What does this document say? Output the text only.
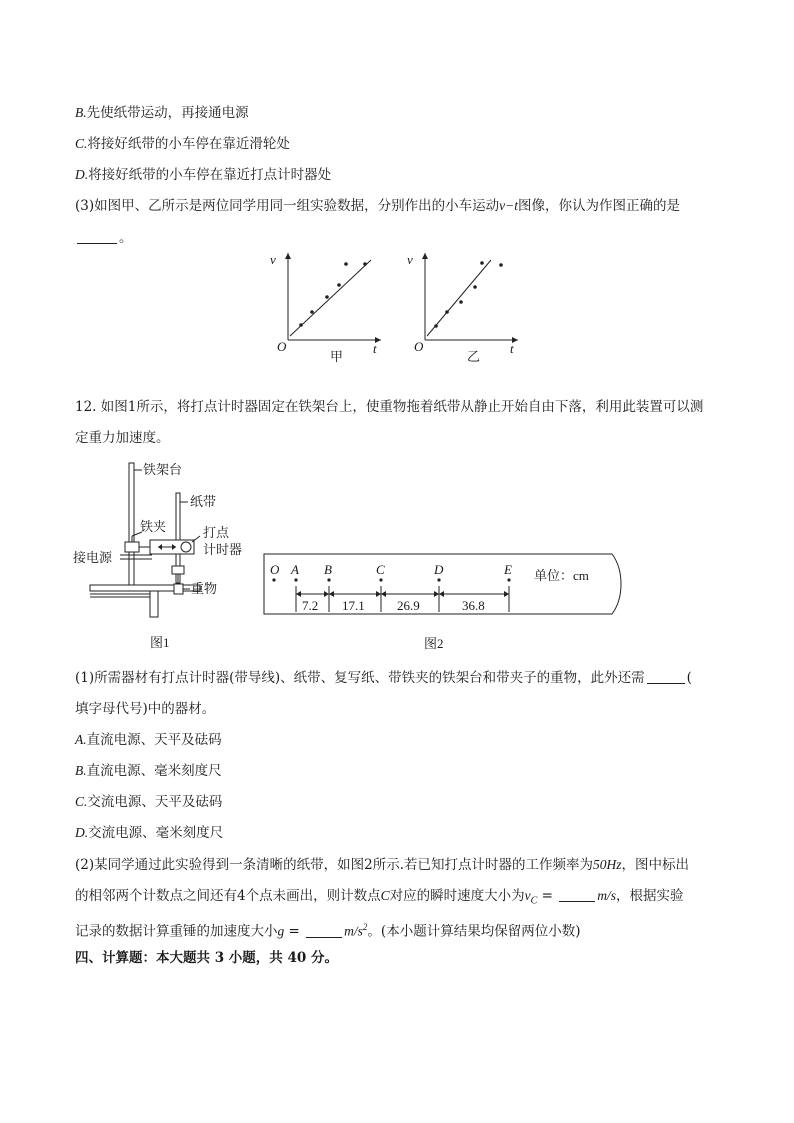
B.先使纸带运动，再接通电源
C.将接好纸带的小车停在靠近滑轮处
D.将接好纸带的小车停在靠近打点计时器处
(3)如图甲、乙所示是两位同学用同一组实验数据，分别作出的小车运动v−t图像，你认为作图正确的是
。
v
t
O
甲
v
t
O
乙
12. 如图1所示，将打点计时器固定在铁架台上，使重物拖着纸带从静止开始自由下落，利用此装置可以测
定重力加速度。
铁架台
纸带
铁夹	打点
计时器
接电源
重物
图1
O A B	C	D	E
7.2 17.1 26.9	36.8
单位：cm
图2
(1)所需器材有打点计时器(带导线)、纸带、复写纸、带铁夹的铁架台和带夹子的重物，此外还需	(
填字母代号)中的器材。
A.直流电源、天平及砝码
B.直流电源、毫米刻度尺
C.交流电源、天平及砝码
D.交流电源、毫米刻度尺
(2)某同学通过此实验得到一条清晰的纸带，如图2所示.若已知打点计时器的工作频率为50Hz，图中标出
的相邻两个计数点之间还有4个点未画出，则计数点C对应的瞬时速度大小为$v_C$ =	m/s，根据实验
记录的数据计算重锤的加速度大小g =	$m/s^2$。(本小题计算结果均保留两位小数)
四、计算题：本大题共 3 小题，共 40 分。
